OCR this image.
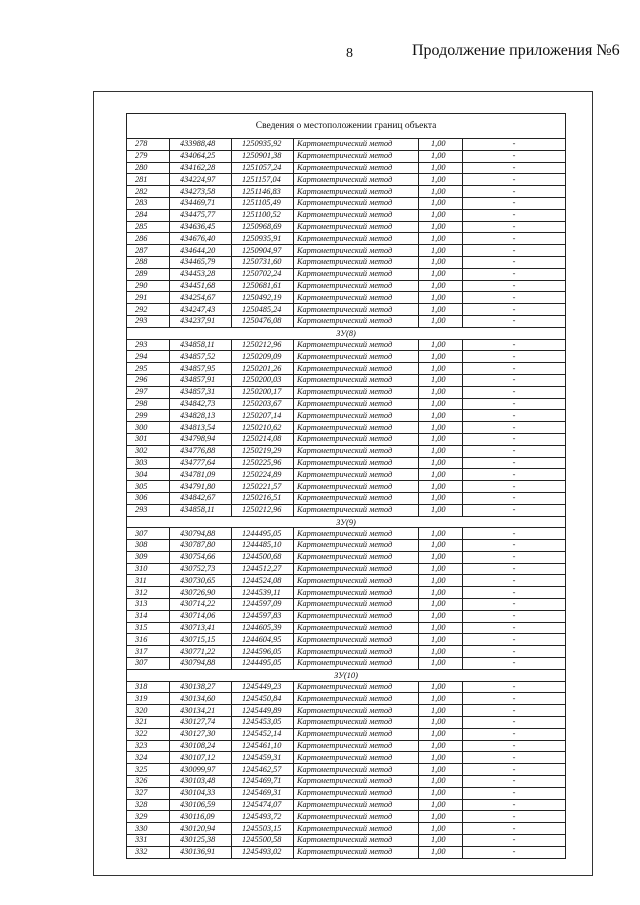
8	Продолжение приложения №6
Сведения о местоположении границ объекта					
278	433988,48	1250935,92	Картометрический метод	1,00	-
279	434064,25	1250901,38	Картометрический метод	1,00	-
280	434162,28	1251057,24	Картометрический метод	1,00	-
281	434224,97	1251157,04	Картометрический метод	1,00	-
282	434273,58	1251146,83	Картометрический метод	1,00	-
283	434469,71	1251105,49	Картометрический метод	1,00	-
284	434475,77	1251100,52	Картометрический метод	1,00	-
285	434636,45	1250968,69	Картометрический метод	1,00	-
286	434676,40	1250935,91	Картометрический метод	1,00	-
287	434644,20	1250904,97	Картометрический метод	1,00	-
288	434465,79	1250731,60	Картометрический метод	1,00	-
289	434453,28	1250702,24	Картометрический метод	1,00	-
290	434451,68	1250681,61	Картометрический метод	1,00	-
291	434254,67	1250492,19	Картометрический метод	1,00	-
292	434247,43	1250485,24	Картометрический метод	1,00	-
293	434237,91	1250476,08	Картометрический метод	1,00	-
ЗУ(8)					
293	434858,11	1250212,96	Картометрический метод	1,00	-
294	434857,52	1250209,09	Картометрический метод	1,00	-
295	434857,95	1250201,26	Картометрический метод	1,00	-
296	434857,91	1250200,03	Картометрический метод	1,00	-
297	434857,31	1250200,17	Картометрический метод	1,00	-
298	434842,73	1250203,67	Картометрический метод	1,00	-
299	434828,13	1250207,14	Картометрический метод	1,00	-
300	434813,54	1250210,62	Картометрический метод	1,00	-
301	434798,94	1250214,08	Картометрический метод	1,00	-
302	434776,88	1250219,29	Картометрический метод	1,00	-
303	434777,64	1250225,96	Картометрический метод	1,00	-
304	434781,09	1250224,89	Картометрический метод	1,00	-
305	434791,80	1250221,57	Картометрический метод	1,00	-
306	434842,67	1250216,51	Картометрический метод	1,00	-
293	434858,11	1250212,96	Картометрический метод	1,00	-
ЗУ(9)					
307	430794,88	1244495,05	Картометрический метод	1,00	-
308	430787,80	1244485,10	Картометрический метод	1,00	-
309	430754,66	1244500,68	Картометрический метод	1,00	-
310	430752,73	1244512,27	Картометрический метод	1,00	-
311	430730,65	1244524,08	Картометрический метод	1,00	-
312	430726,90	1244539,11	Картометрический метод	1,00	-
313	430714,22	1244597,09	Картометрический метод	1,00	-
314	430714,06	1244597,83	Картометрический метод	1,00	-
315	430713,41	1244605,39	Картометрический метод	1,00	-
316	430715,15	1244604,95	Картометрический метод	1,00	-
317	430771,22	1244596,05	Картометрический метод	1,00	-
307	430794,88	1244495,05	Картометрический метод	1,00	-
ЗУ(10)					
318	430138,27	1245449,23	Картометрический метод	1,00	-
319	430134,60	1245450,84	Картометрический метод	1,00	-
320	430134,21	1245449,89	Картометрический метод	1,00	-
321	430127,74	1245453,05	Картометрический метод	1,00	-
322	430127,30	1245452,14	Картометрический метод	1,00	-
323	430108,24	1245461,10	Картометрический метод	1,00	-
324	430107,12	1245459,31	Картометрический метод	1,00	-
325	430099,97	1245462,57	Картометрический метод	1,00	-
326	430103,48	1245469,71	Картометрический метод	1,00	-
327	430104,33	1245469,31	Картометрический метод	1,00	-
328	430106,59	1245474,07	Картометрический метод	1,00	-
329	430116,09	1245493,72	Картометрический метод	1,00	-
330	430120,94	1245503,15	Картометрический метод	1,00	-
331	430125,38	1245500,58	Картометрический метод	1,00	-
332	430136,91	1245493,02	Картометрический метод	1,00	-
